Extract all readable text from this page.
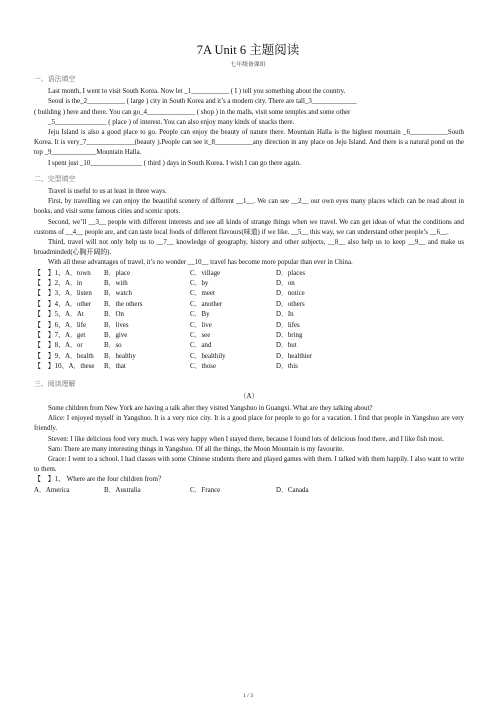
7A Unit 6 主题阅读
七年级备课组
一、语法填空

Last month, I went to visit South Korea. Now let _1___________ ( I ) tell you something about the country.

Seoul is the_2___________ ( large ) city in South Korea and it’s a modern city. There are tall_3_____________

( building ) here and there. You can go_4______________ ( shop ) in the malls, visit some temples and some other

_5_______________ ( place ) of interest. You can also enjoy many kinds of snacks there.

Jeju Island is also a good place to go. People can enjoy the beauty of nature there. Mountain Halla is the highest mountain _6___________South Korea. It is very_7______________(beauty ).People can see it_8___________any direction in any place on Jeju Island. And there is a natural pond on the top _9_____________Mountain Halla.

I spent just _10_______________ ( third ) days in South Korea. I wish I can go there again.

二、完型填空

Travel is useful to us at least in three ways.

First, by travelling we can enjoy the beautiful scenery of different __1__. We can see __2__ our own eyes many places which can be read about in books, and visit some famous cities and scenic spots.

Second, we’ll __3__ people with different interests and see all kinds of strange things when we travel. We can get ideas of what the conditions and customs of __4__ people are, and can taste local foods of different flavours(味道) if we like. __5__ this way, we can understand other people’s __6__.

Third, travel will not only help us to __7__ knowledge of geography, history and other subjects, __8__ also help us to keep __9__ and make us broadminded(心胸开阔的).

With all these advantages of travel, it’s no wonder __10__ travel has become more popular than ever in China.

【　】1、A．town	B．place	C．village	D．places
【　】2、A．in	B．with	C．by	D．on
【　】3、A．listen	B．watch	C．meet	D．notice
【　】4、A．other	B．the others	C．another	D．others
【　】5、A．At	B．On	C．By	D．In
【　】6、A．life	B．lives	C．live	D．lifes
【　】7、A．get	B．give	C．see	D．bring
【　】8、A．or	B．so	C．and	D．but
【　】9、A．health	B．healthy	C．healthily	D．healthier
【　】10、A．these	B．that	C．those	D．this
三、阅读理解
（A）

Some children from New York are having a talk after they visited Yangshuo in Guangxi. What are they talking about?

Alice: I enjoyed myself in Yangshuo. It is a very nice city. It is a good place for people to go for a vacation. I find that people in Yangshuo are very friendly.

Steven: I like delicious food very much. I was very happy when I stayed there, because I found lots of delicious food there, and I like fish most.

Sam: There are many interesting things in Yangshuo. Of all the things, the Moon Mountain is my favourite.

Grace: I went to a school. I had classes with some Chinese students there and played games with them. I talked with them happily. I also want to write to them.

【　】1、 Where are the four children from？
A．America	B．Australia	C．France	D．Canada
1 / 3
